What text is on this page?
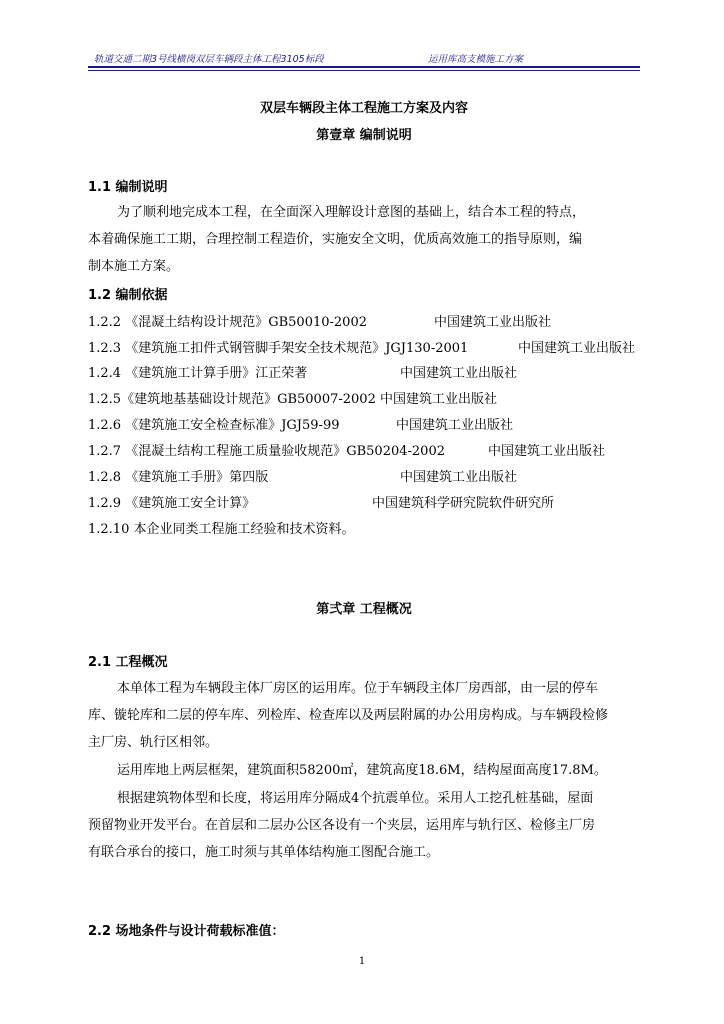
轨道交通二期3号线横岗双层车辆段主体工程3105标段	运用库高支模施工方案
双层车辆段主体工程施工方案及内容
第壹章 编制说明
1.1 编制说明
为了顺利地完成本工程，在全面深入理解设计意图的基础上，结合本工程的特点，
本着确保施工工期，合理控制工程造价，实施安全文明，优质高效施工的指导原则，编
制本施工方案。
1.2 编制依据
1.2.2 《混凝土结构设计规范》GB50010-2002	中国建筑工业出版社
1.2.3 《建筑施工扣件式钢管脚手架安全技术规范》JGJ130-2001	中国建筑工业出版社
1.2.4 《建筑施工计算手册》江正荣著	中国建筑工业出版社
1.2.5《建筑地基基础设计规范》GB50007-2002 中国建筑工业出版社
1.2.6 《建筑施工安全检查标准》JGJ59-99	中国建筑工业出版社
1.2.7 《混凝土结构工程施工质量验收规范》GB50204-2002	中国建筑工业出版社
1.2.8 《建筑施工手册》第四版	中国建筑工业出版社
1.2.9 《建筑施工安全计算》	中国建筑科学研究院软件研究所
1.2.10 本企业同类工程施工经验和技术资料。
第弍章 工程概况
2.1 工程概况
本单体工程为车辆段主体厂房区的运用库。位于车辆段主体厂房西部，由一层的停车
库、镟轮库和二层的停车库、列检库、检查库以及两层附属的办公用房构成。与车辆段检修
主厂房、轨行区相邻。
运用库地上两层框架，建筑面积58200㎡，建筑高度18.6M，结构屋面高度17.8M。
根据建筑物体型和长度，将运用库分隔成4个抗震单位。采用人工挖孔桩基础，屋面
预留物业开发平台。在首层和二层办公区各设有一个夹层，运用库与轨行区、检修主厂房
有联合承台的接口，施工时须与其单体结构施工图配合施工。
2.2 场地条件与设计荷载标准值：
1
